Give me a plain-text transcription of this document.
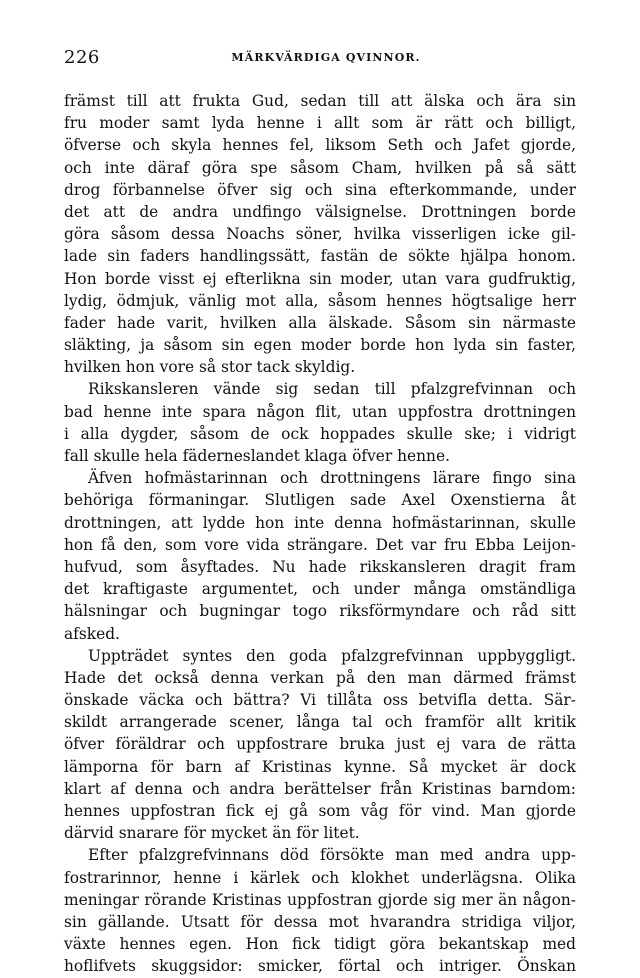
226	MÄRKVÄRDIGA QVINNOR.
främst till att frukta Gud, sedan till att älska och ära sin
fru moder samt lyda henne i allt som är rätt och billigt,
öfverse och skyla hennes fel, liksom Seth och Jafet gjorde,
och inte däraf göra spe såsom Cham, hvilken på så sätt
drog förbannelse öfver sig och sina efterkommande, under
det att de andra undfingo välsignelse. Drottningen borde
göra såsom dessa Noachs söner, hvilka visserligen icke gil-
lade sin faders handlingssätt, fastän de sökte hjälpa honom.
Hon borde visst ej efterlikna sin moder, utan vara gudfruktig,
lydig, ödmjuk, vänlig mot alla, såsom hennes högtsalige herr
fader hade varit, hvilken alla älskade. Såsom sin närmaste
släkting, ja såsom sin egen moder borde hon lyda sin faster,
hvilken hon vore så stor tack skyldig.
Rikskansleren vände sig sedan till pfalzgrefvinnan och
bad henne inte spara någon flit, utan uppfostra drottningen
i alla dygder, såsom de ock hoppades skulle ske; i vidrigt
fall skulle hela fäderneslandet klaga öfver henne.
Äfven hofmästarinnan och drottningens lärare fingo sina
behöriga förmaningar. Slutligen sade Axel Oxenstierna åt
drottningen, att lydde hon inte denna hofmästarinnan, skulle
hon få den, som vore vida strängare. Det var fru Ebba Leijon-
hufvud, som åsyftades. Nu hade rikskansleren dragit fram
det kraftigaste argumentet, och under många omständliga
hälsningar och bugningar togo riksförmyndare och råd sitt
afsked.
Uppträdet syntes den goda pfalzgrefvinnan uppbyggligt.
Hade det också denna verkan på den man därmed främst
önskade väcka och bättra? Vi tillåta oss betvifla detta. Sär-
skildt arrangerade scener, långa tal och framför allt kritik
öfver föräldrar och uppfostrare bruka just ej vara de rätta
lämporna för barn af Kristinas kynne. Så mycket är dock
klart af denna och andra berättelser från Kristinas barndom:
hennes uppfostran fick ej gå som våg för vind. Man gjorde
därvid snarare för mycket än för litet.
Efter pfalzgrefvinnans död försökte man med andra upp-
fostrarinnor, henne i kärlek och klokhet underlägsna. Olika
meningar rörande Kristinas uppfostran gjorde sig mer än någon-
sin gällande. Utsatt för dessa mot hvarandra stridiga viljor,
växte hennes egen. Hon fick tidigt göra bekantskap med
hoflifvets skuggsidor: smicker, förtal och intriger. Önskan
